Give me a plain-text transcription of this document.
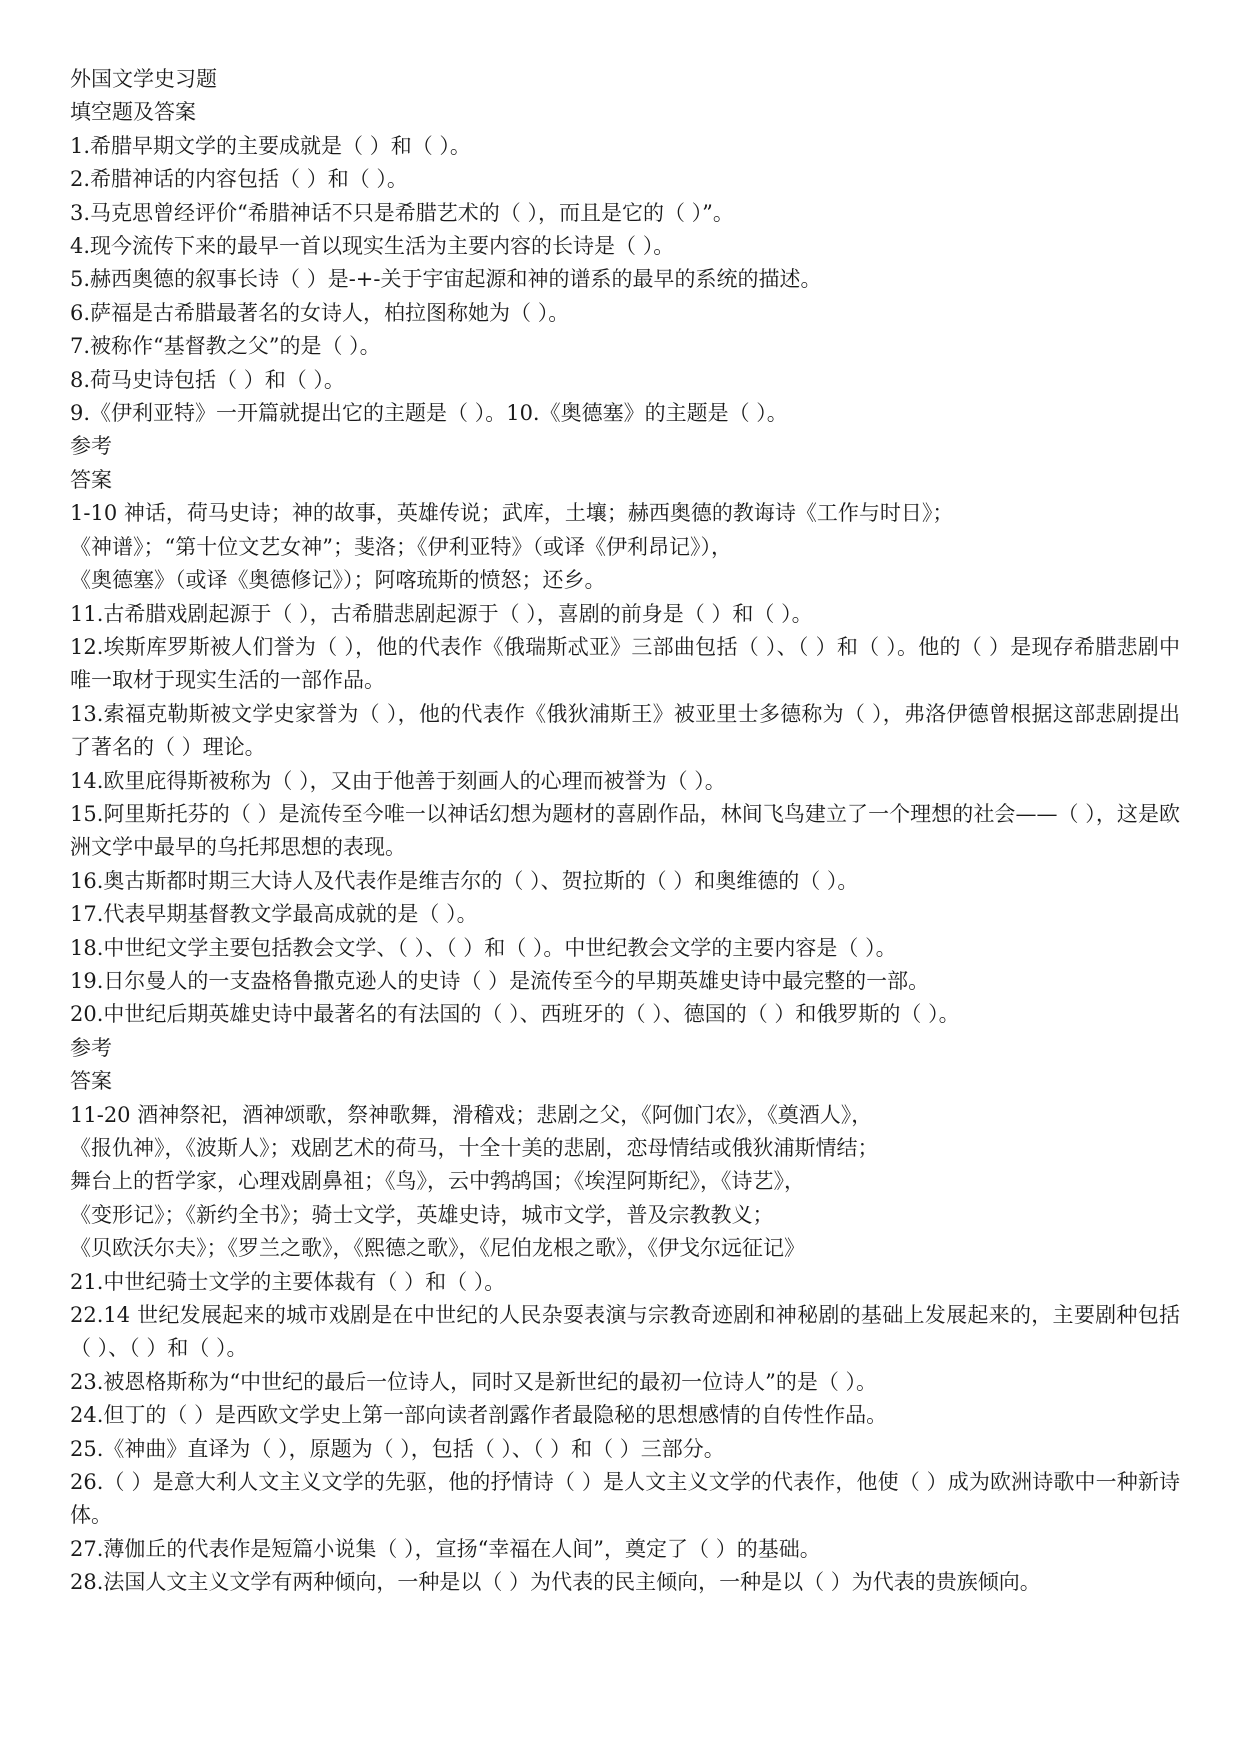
外国文学史习题
填空题及答案
1.希腊早期文学的主要成就是（ ）和（ ）。
2.希腊神话的内容包括（ ）和（ ）。
3.马克思曾经评价“希腊神话不只是希腊艺术的（ ），而且是它的（ ）”。
4.现今流传下来的最早一首以现实生活为主要内容的长诗是（ ）。
5.赫西奥德的叙事长诗（ ）是-+-关于宇宙起源和神的谱系的最早的系统的描述。
6.萨福是古希腊最著名的女诗人，柏拉图称她为（ ）。
7.被称作“基督教之父”的是（ ）。
8.荷马史诗包括（ ）和（ ）。
9.《伊利亚特》一开篇就提出它的主题是（ ）。10.《奥德塞》的主题是（ ）。
参考
答案
1-10 神话，荷马史诗；神的故事，英雄传说；武库，土壤；赫西奥德的教诲诗《工作与时日》；
《神谱》；“第十位文艺女神”；斐洛；《伊利亚特》（或译《伊利昂记》），
《奥德塞》（或译《奥德修记》）；阿喀琉斯的愤怒；还乡。
11.古希腊戏剧起源于（ ），古希腊悲剧起源于（ ），喜剧的前身是（ ）和（ ）。
12.埃斯库罗斯被人们誉为（ ），他的代表作《俄瑞斯忒亚》三部曲包括（ ）、（ ）和（ ）。他的（ ）是现存希腊悲剧中唯一取材于现实生活的一部作品。
13.索福克勒斯被文学史家誉为（ ），他的代表作《俄狄浦斯王》被亚里士多德称为（ ），弗洛伊德曾根据这部悲剧提出了著名的（ ）理论。
14.欧里庇得斯被称为（ ），又由于他善于刻画人的心理而被誉为（ ）。
15.阿里斯托芬的（ ）是流传至今唯一以神话幻想为题材的喜剧作品，林间飞鸟建立了一个理想的社会——（ ），这是欧洲文学中最早的乌托邦思想的表现。
16.奥古斯都时期三大诗人及代表作是维吉尔的（ ）、贺拉斯的（ ）和奥维德的（ ）。
17.代表早期基督教文学最高成就的是（ ）。
18.中世纪文学主要包括教会文学、（ ）、（ ）和（ ）。中世纪教会文学的主要内容是（ ）。
19.日尔曼人的一支盎格鲁撒克逊人的史诗（ ）是流传至今的早期英雄史诗中最完整的一部。
20.中世纪后期英雄史诗中最著名的有法国的（ ）、西班牙的（ ）、德国的（ ）和俄罗斯的（ ）。
参考
答案
11-20 酒神祭祀，酒神颂歌，祭神歌舞，滑稽戏；悲剧之父，《阿伽门农》，《奠酒人》，
《报仇神》，《波斯人》；戏剧艺术的荷马，十全十美的悲剧，恋母情结或俄狄浦斯情结；
舞台上的哲学家，心理戏剧鼻祖；《鸟》，云中鹁鸪国；《埃涅阿斯纪》，《诗艺》，
《变形记》；《新约全书》；骑士文学，英雄史诗，城市文学，普及宗教教义；
《贝欧沃尔夫》；《罗兰之歌》，《熙德之歌》，《尼伯龙根之歌》，《伊戈尔远征记》
21.中世纪骑士文学的主要体裁有（ ）和（ ）。
22.14 世纪发展起来的城市戏剧是在中世纪的人民杂耍表演与宗教奇迹剧和神秘剧的基础上发展起来的，主要剧种包括（ ）、（ ）和（ ）。
23.被恩格斯称为“中世纪的最后一位诗人，同时又是新世纪的最初一位诗人”的是（ ）。
24.但丁的（ ）是西欧文学史上第一部向读者剖露作者最隐秘的思想感情的自传性作品。
25.《神曲》直译为（ ），原题为（ ），包括（ ）、（ ）和（ ）三部分。
26.（ ）是意大利人文主义文学的先驱，他的抒情诗（ ）是人文主义文学的代表作，他使（ ）成为欧洲诗歌中一种新诗体。
27.薄伽丘的代表作是短篇小说集（ ），宣扬“幸福在人间”，奠定了（ ）的基础。
28.法国人文主义文学有两种倾向，一种是以（ ）为代表的民主倾向，一种是以（ ）为代表的贵族倾向。
